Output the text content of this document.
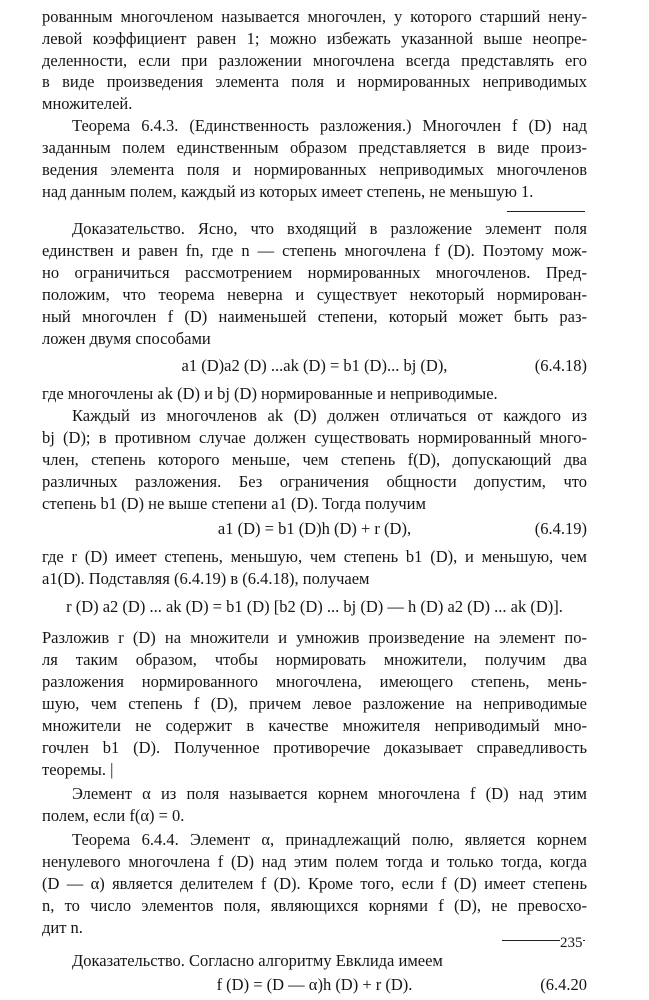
рованным многочленом называется многочлен, у которого старший нену-

левой коэффициент равен 1; можно избежать указанной выше неопре-

деленности, если при разложении многочлена всегда представлять его

в виде произведения элемента поля и нормированных неприводимых

множителей.

Теорема 6.4.3. (Единственность разложения.) Многочлен f (D) над

заданным полем единственным образом представляется в виде произ-

ведения элемента поля и нормированных неприводимых многочленов

над данным полем, каждый из которых имеет степень, не меньшую 1.

Доказательство. Ясно, что входящий в разложение элемент поля

единствен и равен fn, где n — степень многочлена f (D). Поэтому мож-

но ограничиться рассмотрением нормированных многочленов. Пред-

положим, что теорема неверна и существует некоторый нормирован-

ный многочлен f (D) наименьшей степени, который может быть раз-

ложен двумя способами

a1 (D)a2 (D) ...ak (D) = b1 (D)... bj (D),	(6.4.18)

где многочлены ak (D) и bj (D) нормированные и неприводимые.

Каждый из многочленов ak (D) должен отличаться от каждого из

bj (D); в противном случае должен существовать нормированный много-

член, степень которого меньше, чем степень f(D), допускающий два

различных разложения. Без ограничения общности допустим, что

степень b1 (D) не выше степени a1 (D). Тогда получим

a1 (D) = b1 (D)h (D) + r (D),	(6.4.19)

где r (D) имеет степень, меньшую, чем степень b1 (D), и меньшую, чем

a1(D). Подставляя (6.4.19) в (6.4.18), получаем

r (D) a2 (D) ... ak (D) = b1 (D) [b2 (D) ... bj (D) — h (D) a2 (D) ... ak (D)].

Разложив r (D) на множители и умножив произведение на элемент по-

ля таким образом, чтобы нормировать множители, получим два

разложения нормированного многочлена, имеющего степень, мень-

шую, чем степень f (D), причем левое разложение на неприводимые

множители не содержит в качестве множителя неприводимый мно-

гочлен b1 (D). Полученное противоречие доказывает справедливость

теоремы. |

Элемент α из поля называется корнем многочлена f (D) над этим

полем, если f(α) = 0.

Теорема 6.4.4. Элемент α, принадлежащий полю, является корнем

ненулевого многочлена f (D) над этим полем тогда и только тогда, когда

(D — α) является делителем f (D). Кроме того, если f (D) имеет степень

n, то число элементов поля, являющихся корнями f (D), не превосхо-

дит n.

Доказательство. Согласно алгоритму Евклида имеем

f (D) = (D — α)h (D) + r (D).	(6.4.20
235
